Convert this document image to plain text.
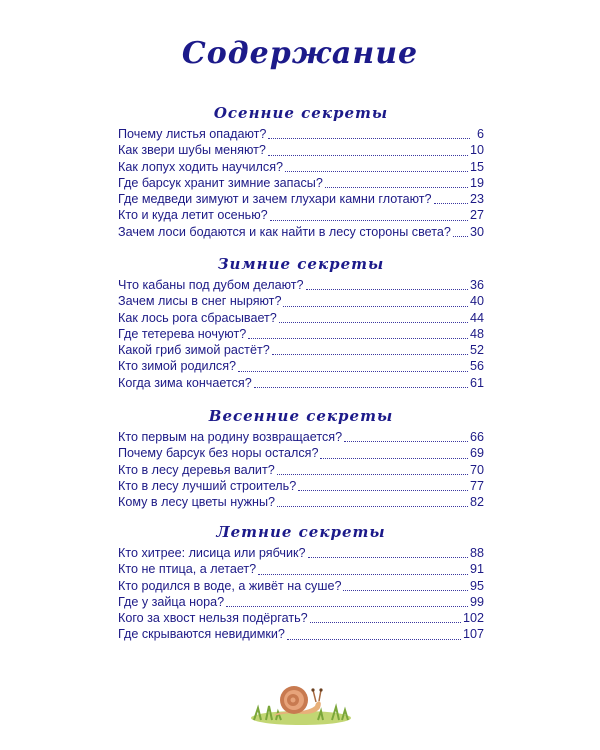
Содержание
Осенние секреты
Почему листья опадают?	6
Как звери шубы меняют?	10
Как лопух ходить научился?	15
Где барсук хранит зимние запасы?	19
Где медведи зимуют и зачем глухари камни глотают?	23
Кто и куда летит осенью?	27
Зачем лоси бодаются и как найти в лесу стороны света? 30
Зимние секреты
Что кабаны под дубом делают?	36
Зачем лисы в снег ныряют?	40
Как лось рога сбрасывает?	44
Где тетерева ночуют?	48
Какой гриб зимой растёт?	52
Кто зимой родился?	56
Когда зима кончается?	61
Весенние секреты
Кто первым на родину возвращается?	66
Почему барсук без норы остался?	69
Кто в лесу деревья валит?	70
Кто в лесу лучший строитель?	77
Кому в лесу цветы нужны?	82
Летние секреты
Кто хитрее: лисица или рябчик?	88
Кто не птица, а летает?	91
Кто родился в воде, а живёт на суше?	95
Где у зайца нора?	99
Кого за хвост нельзя подёргать?	102
Где скрываются невидимки?	107
